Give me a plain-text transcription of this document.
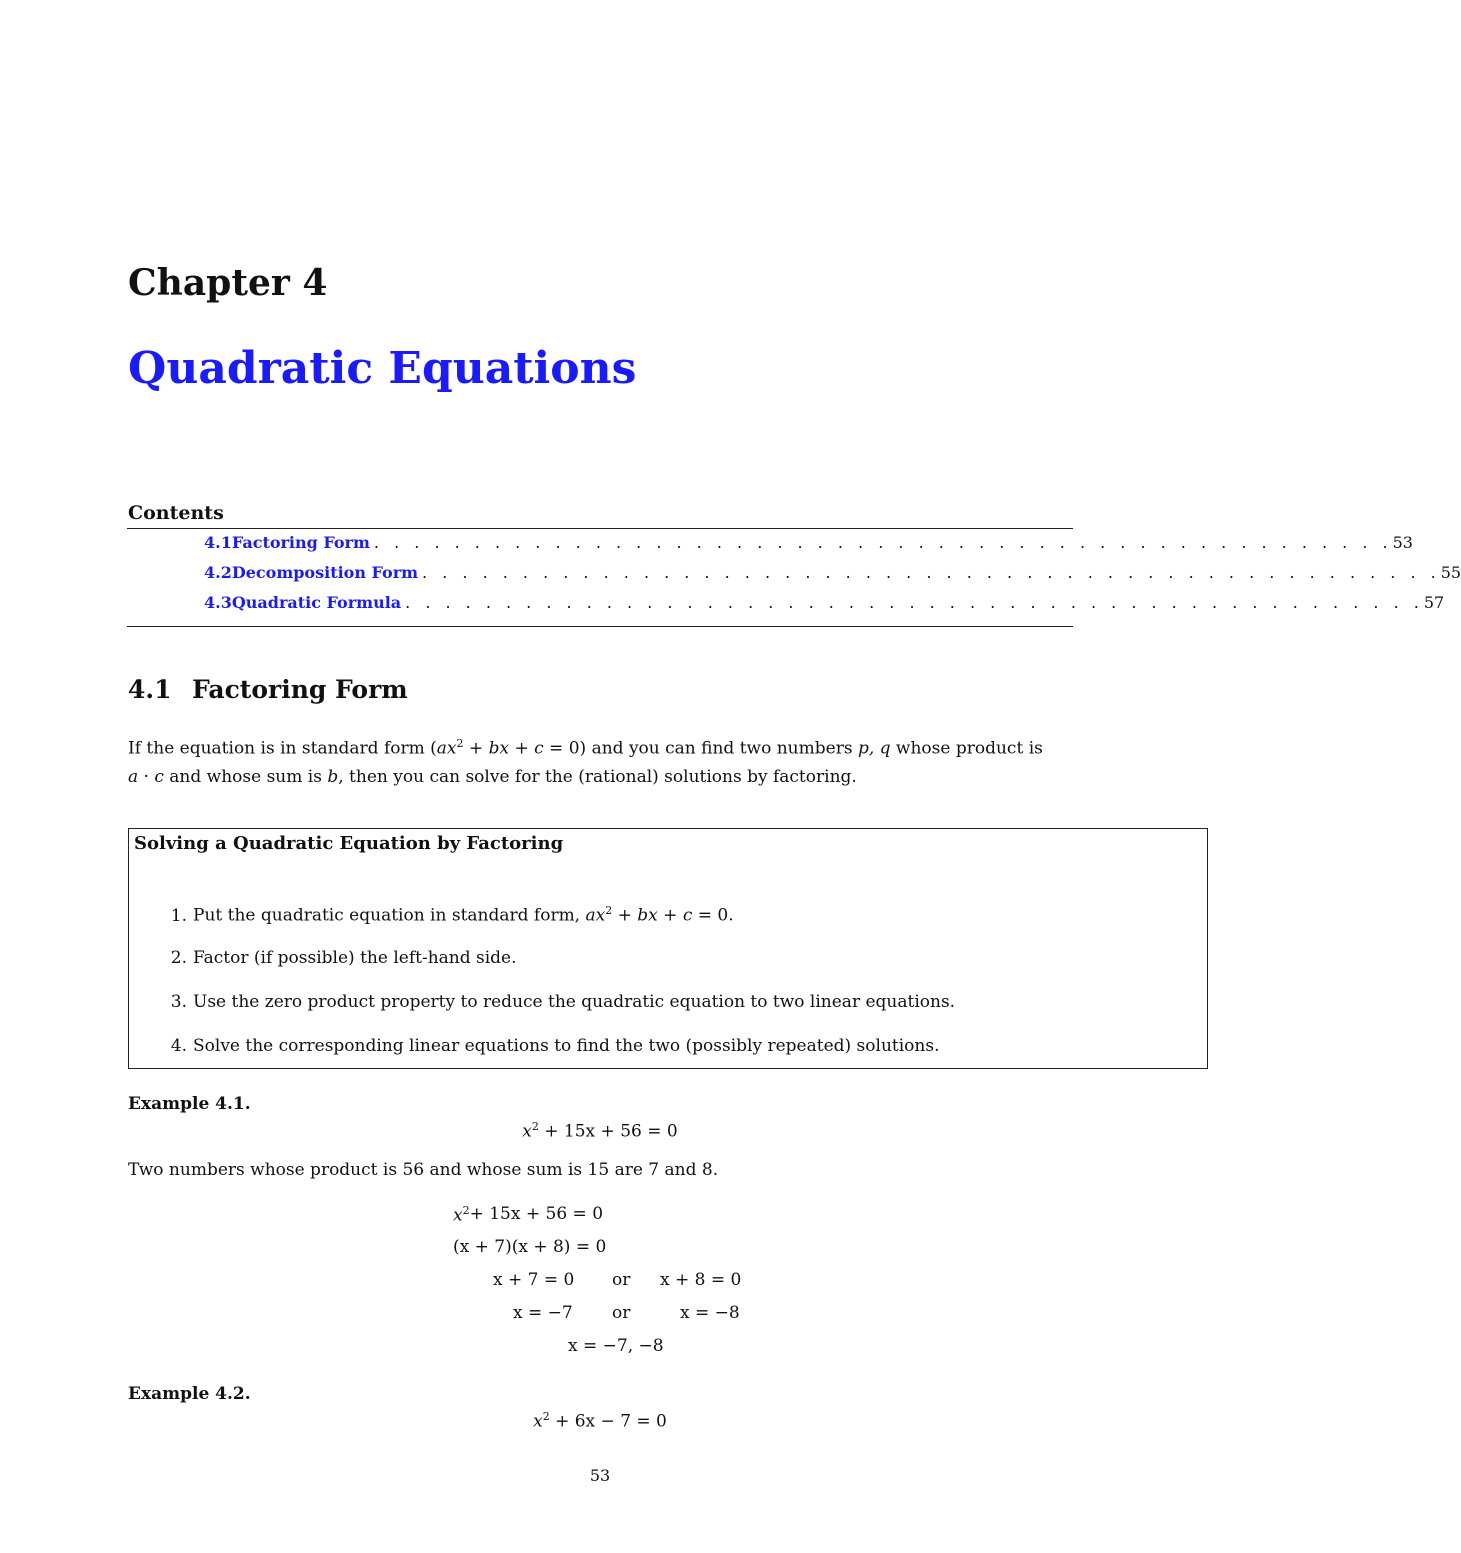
Chapter 4
Quadratic Equations
Contents
4.1 Factoring Form . . . . . . . . . . . . . . . . . . . . . . . . . . . . . . . . . . . . . . . . . . . . . . . . . . . 53
4.2 Decomposition Form . . . . . . . . . . . . . . . . . . . . . . . . . . . . . . . . . . . . . . . . . . . . . . . . . . . 55
4.3 Quadratic Formula . . . . . . . . . . . . . . . . . . . . . . . . . . . . . . . . . . . . . . . . . . . . . . . . . . . 57
4.1 Factoring Form
If the equation is in standard form ($ax^2$ + bx + c = 0) and you can find two numbers p, q whose product is
a · c and whose sum is b, then you can solve for the (rational) solutions by factoring.
Solving a Quadratic Equation by Factoring
1. Put the quadratic equation in standard form, $ax^2$ + bx + c = 0.
2. Factor (if possible) the left-hand side.
3. Use the zero product property to reduce the quadratic equation to two linear equations.
4. Solve the corresponding linear equations to find the two (possibly repeated) solutions.
Example 4.1.
$x^2 + 15x + 56 = 0$
Two numbers whose product is 56 and whose sum is 15 are 7 and 8.
$x^2 + 15x + 56 = 0$
(x + 7)(x + 8) = 0
x + 7 = 0 or x + 8 = 0
x = −7 or	x = −8
x = −7, −8
Example 4.2.
$x^2 + 6x - 7 = 0$
53
